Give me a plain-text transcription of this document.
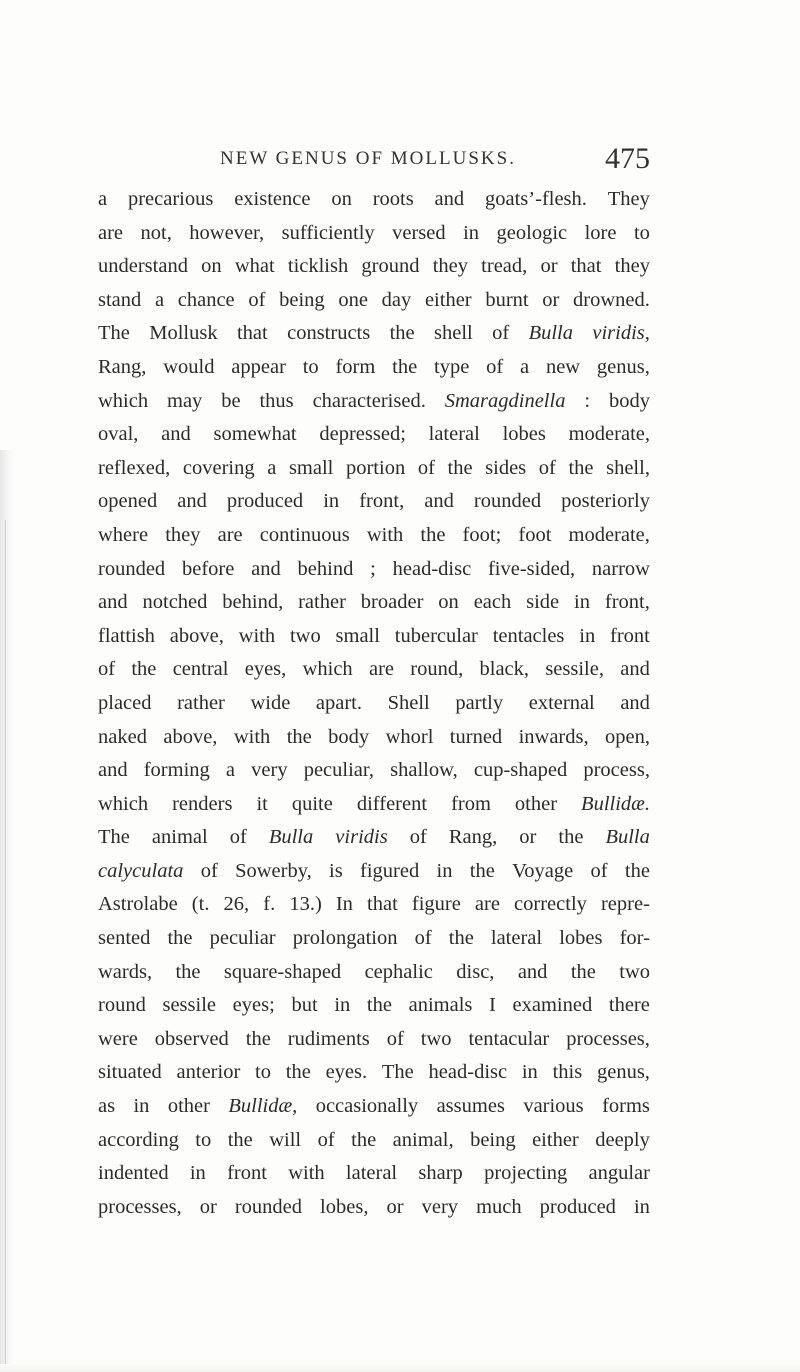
NEW GENUS OF MOLLUSKS.	475
a precarious existence on roots and goats’-flesh. They
are not, however, sufficiently versed in geologic lore to
understand on what ticklish ground they tread, or that they
stand a chance of being one day either burnt or drowned.
The Mollusk that constructs the shell of Bulla viridis,
Rang, would appear to form the type of a new genus,
which may be thus characterised. Smaragdinella : body
oval, and somewhat depressed; lateral lobes moderate,
reflexed, covering a small portion of the sides of the shell,
opened and produced in front, and rounded posteriorly
where they are continuous with the foot; foot moderate,
rounded before and behind ; head-disc five-sided, narrow
and notched behind, rather broader on each side in front,
flattish above, with two small tubercular tentacles in front
of the central eyes, which are round, black, sessile, and
placed rather wide apart. Shell partly external and
naked above, with the body whorl turned inwards, open,
and forming a very peculiar, shallow, cup-shaped process,
which renders it quite different from other Bullidæ.
The animal of Bulla viridis of Rang, or the Bulla
calyculata of Sowerby, is figured in the Voyage of the
Astrolabe (t. 26, f. 13.) In that figure are correctly repre-
sented the peculiar prolongation of the lateral lobes for-
wards, the square-shaped cephalic disc, and the two
round sessile eyes; but in the animals I examined there
were observed the rudiments of two tentacular processes,
situated anterior to the eyes. The head-disc in this genus,
as in other Bullidæ, occasionally assumes various forms
according to the will of the animal, being either deeply
indented in front with lateral sharp projecting angular
processes, or rounded lobes, or very much produced in
